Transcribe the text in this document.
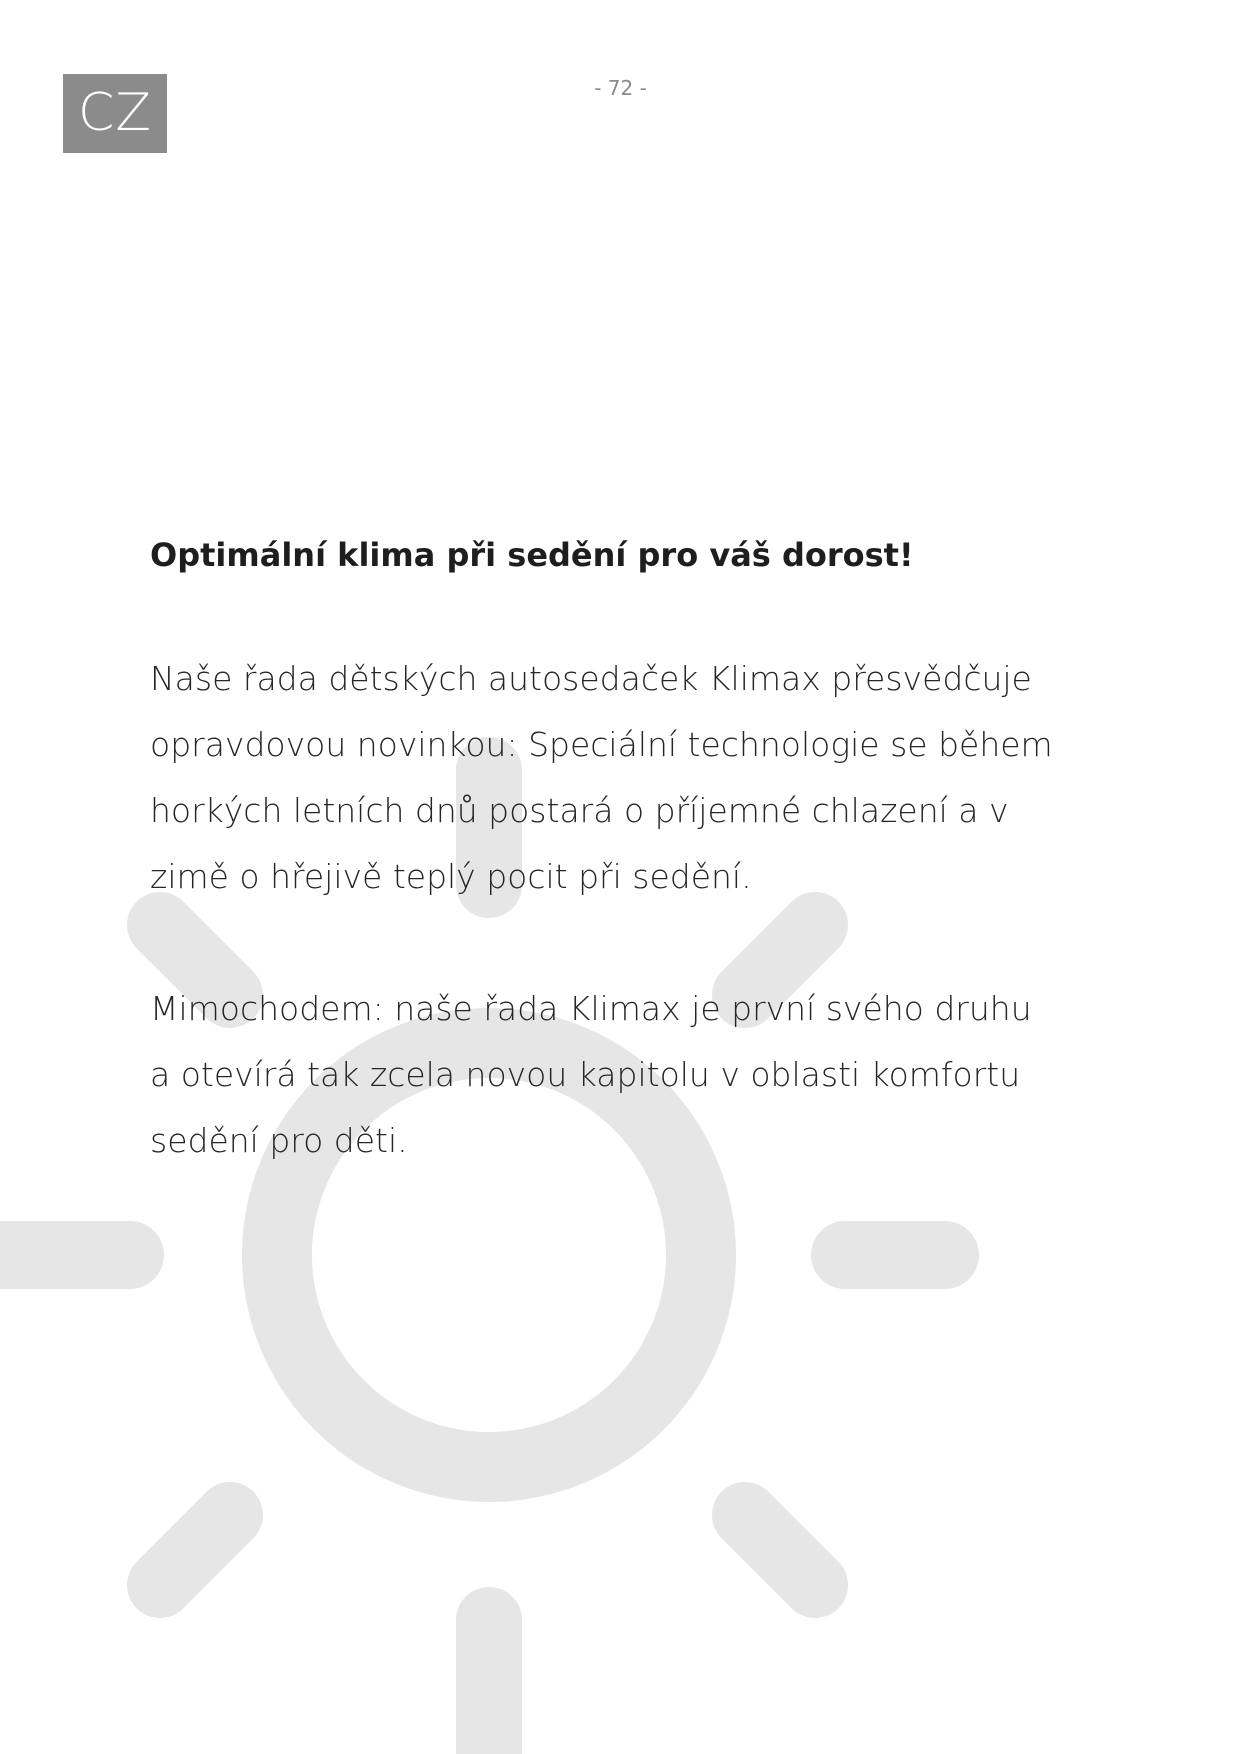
CZ	- 72 -
Optimální klima při sedění pro váš dorost!

Naše řada dětských autosedaček Klimax přesvědčuje
opravdovou novinkou: Speciální technologie se během
horkých letních dnů postará o příjemné chlazení a v
zimě o hřejivě teplý pocit při sedění.

Mimochodem: naše řada Klimax je první svého druhu
a otevírá tak zcela novou kapitolu v oblasti komfortu
sedění pro děti.
